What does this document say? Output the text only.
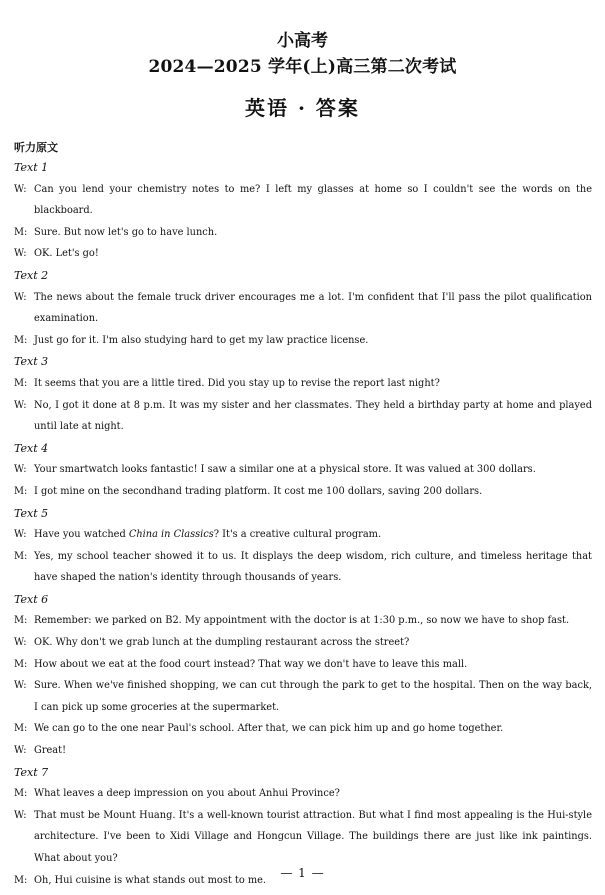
小高考
2024—2025 学年(上)高三第二次考试
英语 · 答案
听力原文
Text 1
W: Can you lend your chemistry notes to me? I left my glasses at home so I couldn't see the words on the blackboard.
M: Sure. But now let's go to have lunch.
W: OK. Let's go!
Text 2
W: The news about the female truck driver encourages me a lot. I'm confident that I'll pass the pilot qualification examination.
M: Just go for it. I'm also studying hard to get my law practice license.
Text 3
M: It seems that you are a little tired. Did you stay up to revise the report last night?
W: No, I got it done at 8 p.m. It was my sister and her classmates. They held a birthday party at home and played until late at night.
Text 4
W: Your smartwatch looks fantastic! I saw a similar one at a physical store. It was valued at 300 dollars.
M: I got mine on the secondhand trading platform. It cost me 100 dollars, saving 200 dollars.
Text 5
W: Have you watched China in Classics? It's a creative cultural program.
M: Yes, my school teacher showed it to us. It displays the deep wisdom, rich culture, and timeless heritage that have shaped the nation's identity through thousands of years.
Text 6
M: Remember: we parked on B2. My appointment with the doctor is at 1:30 p.m., so now we have to shop fast.
W: OK. Why don't we grab lunch at the dumpling restaurant across the street?
M: How about we eat at the food court instead? That way we don't have to leave this mall.
W: Sure. When we've finished shopping, we can cut through the park to get to the hospital. Then on the way back, I can pick up some groceries at the supermarket.
M: We can go to the one near Paul's school. After that, we can pick him up and go home together.
W: Great!
Text 7
M: What leaves a deep impression on you about Anhui Province?
W: That must be Mount Huang. It's a well-known tourist attraction. But what I find most appealing is the Hui-style architecture. I've been to Xidi Village and Hongcun Village. The buildings there are just like ink paintings. What about you?
M: Oh, Hui cuisine is what stands out most to me.
— 1 —
